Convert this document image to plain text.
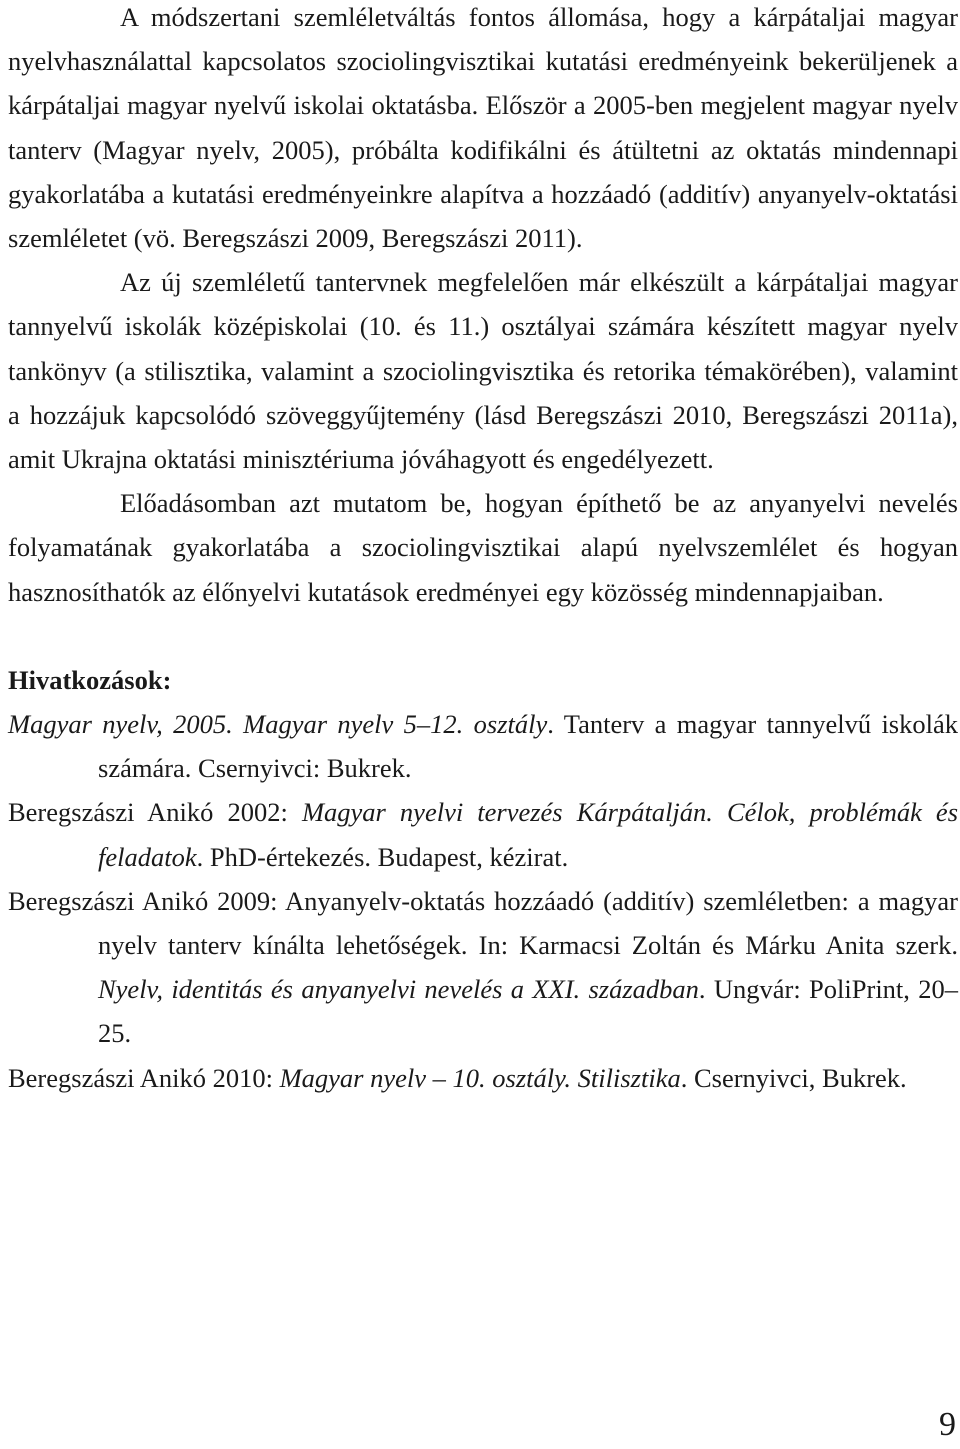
A módszertani szemléletváltás fontos állomása, hogy a kárpátaljai magyar nyelvhasználattal kapcsolatos szociolingvisztikai kutatási eredményeink bekerüljenek a kárpátaljai magyar nyelvű iskolai oktatásba. Először a 2005-ben megjelent magyar nyelv tanterv (Magyar nyelv, 2005), próbálta kodifikálni és átültetni az oktatás mindennapi gyakorlatába a kutatási eredményeinkre alapítva a hozzáadó (additív) anyanyelv-oktatási szemléletet (vö. Beregszászi 2009, Beregszászi 2011).

Az új szemléletű tantervnek megfelelően már elkészült a kárpátaljai magyar tannyelvű iskolák középiskolai (10. és 11.) osztályai számára készített magyar nyelv tankönyv (a stilisztika, valamint a szociolingvisztika és retorika témakörében), valamint a hozzájuk kapcsolódó szöveggyűjtemény (lásd Beregszászi 2010, Beregszászi 2011a), amit Ukrajna oktatási minisztériuma jóváhagyott és engedélyezett.

Előadásomban azt mutatom be, hogyan építhető be az anyanyelvi nevelés folyamatának gyakorlatába a szociolingvisztikai alapú nyelvszemlélet és hogyan hasznosíthatók az élőnyelvi kutatások eredményei egy közösség mindennapjaiban.

Hivatkozások:

Magyar nyelv, 2005. Magyar nyelv 5–12. osztály. Tanterv a magyar tannyelvű iskolák számára. Csernyivci: Bukrek.

Beregszászi Anikó 2002: Magyar nyelvi tervezés Kárpátalján. Célok, problémák és feladatok. PhD-értekezés. Budapest, kézirat.

Beregszászi Anikó 2009: Anyanyelv-oktatás hozzáadó (additív) szemléletben: a magyar nyelv tanterv kínálta lehetőségek. In: Karmacsi Zoltán és Márku Anita szerk. Nyelv, identitás és anyanyelvi nevelés a XXI. században. Ungvár: PoliPrint, 20–25.

Beregszászi Anikó 2010: Magyar nyelv – 10. osztály. Stilisztika. Csernyivci, Bukrek.

9
